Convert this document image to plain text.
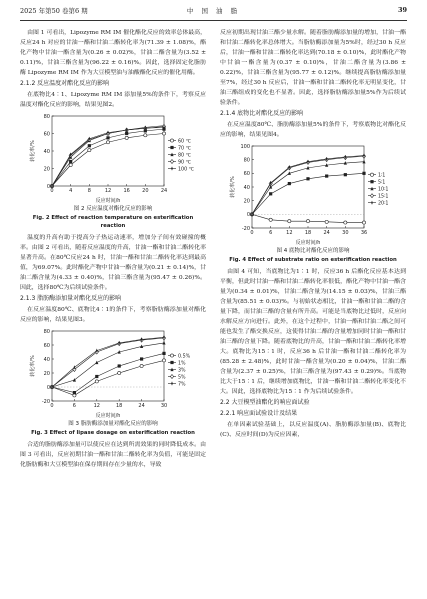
2025 年第50 卷第6 期	中 国 油 脂	39

由图 1 可看出，Lipozyme RM IM 催化酯化反应的效率总体最高，反应24 h 对应的甘油一酯和甘油二酯转化率为(71.39 ± 1.08)%，酯化产物中甘油一酯含量为(0.26 ± 0.02)%，甘油二酯含量为(3.52 ± 0.11)%，甘油三酯含量为(96.22 ± 0.16)%。因此，选择固定化脂肪酶 Lipozyme RM IM 作为大豆模型油与油酸酯化反应的催化用酶。

2.1.2 反应温度对酯化反应的影响

在底物比4∶1、Lipozyme RM IM 添加量5%的条件下，考察反应温度对酯化反应的影响，结果见图2。

0	4	8	12 16 20 24
0
20
40
60
80
反应时间/h
转化率/%	60 ℃
70 ℃
80 ℃
90 ℃
100 ℃
图 2 反应温度对酯化反应的影响
Fig. 2 Effect of reaction temperature on esterification reaction

温度的升高有助于提高分子热运动速率，增加分子间有效碰撞的概率。由图 2 可看出，随着反应温度的升高，甘油一酯和甘油二酯转化率显著升高。在80℃反应24 h 时，甘油一酯和甘油二酯转化率达到最高值，为69.07%。此时酯化产物中甘油一酯含量为(0.21 ± 0.14)%，甘油二酯含量为(4.33 ± 0.40)%，甘油三酯含量为(95.47 ± 0.26)%。因此，选择80℃为后续试验条件。

2.1.3 脂肪酶添加量对酯化反应的影响

在反应温度80℃、底物比4∶1的条件下，考察脂肪酶添加量对酯化反应的影响，结果见图3。

0	6	12	18	24	30
-20
0
20
40
60
80
反应时间/h
转化率/%	0.5%
1%
3%
5%
7%
图 3 脂肪酶添加量对酯化反应的影响
Fig. 3 Effect of lipase dosage on esterification reaction

合适的脂肪酶添加量可以使反应在达到所需效果的同时降低成本。由图 3 可看出，反应初期甘油一酯和甘油二酯转化率为负值，可能是固定化脂肪酶和大豆模型油在保存期间存在少量的水，导致

反应初期出现甘油三酯少量水解。随着脂肪酶添加量的增加，甘油一酯和甘油二酯转化率总体增大。当脂肪酶添加量为5%时，经过30 h 反应后，甘油一酯和甘油二酯转化率达到(70.18 ± 0.10)%，此时酯化产物中甘油一酯含量为(0.37 ± 0.10)%，甘油二酯含量为(3.86 ± 0.22)%，甘油三酯含量为(95.77 ± 0.12)%。继续提高脂肪酶添加量至7%，经过30 h 反应后，甘油一酯和甘油二酯转化率无明显变化，甘油三酯组成的变化也不显著。因此，选择脂肪酶添加量5%作为后续试验条件。

2.1.4 底物比对酯化反应的影响

在反应温度80℃、脂肪酶添加量5%的条件下，考察底物比对酯化反应的影响，结果见图4。

0	6	12 18 24 30 36
-20
0
20
40
60
80
100
反应时间/h
转化率/%
1∶1
5∶1
10∶1
15∶1
20∶1
图 4 底物比对酯化反应的影响
Fig. 4 Effect of substrate ratio on esterification reaction

由图 4 可知，当底物比为1∶1 时，反应36 h 后酯化反应基本达到平衡，但此时甘油一酯和甘油二酯转化率很低，酯化产物中甘油一酯含量为(0.34 ± 0.01)%，甘油二酯含量为(14.15 ± 0.03)%，甘油三酯含量为(85.51 ± 0.03)%。与初始状态相比，甘油一酯和甘油二酯的含量下降，而甘油三酯的含量有所升高。可能是当底物比过低时，反应向水解反应方向进行。此外，在这个过程中，甘油一酯和甘油二酯之间可能也发生了酯交换反应，这使得甘油二酯的含量增加同时甘油一酯和甘油三酯的含量下降。随着底物比的升高，甘油一酯和甘油二酯转化率增大。底物比为15∶1 时，反应36 h 后甘油一酯和甘油二酯转化率为(85.28 ± 2.48)%，此时甘油一酯含量为(0.20 ± 0.04)%，甘油二酯含量为(2.37 ± 0.25)%，甘油三酯含量为(97.43 ± 0.29)%。当底物比大于15∶1 后，继续增加底物比，甘油一酯和甘油二酯转化率变化不大。因此，选择底物比为15∶1 作为后续试验条件。

2.2 大豆模型油酯化的响应面试验
2.2.1 响应面试验设计及结果

在单因素试验基础上，以反应温度(A)、脂肪酶添加量(B)、底物比(C)、反应时间(D)为反应因素，
